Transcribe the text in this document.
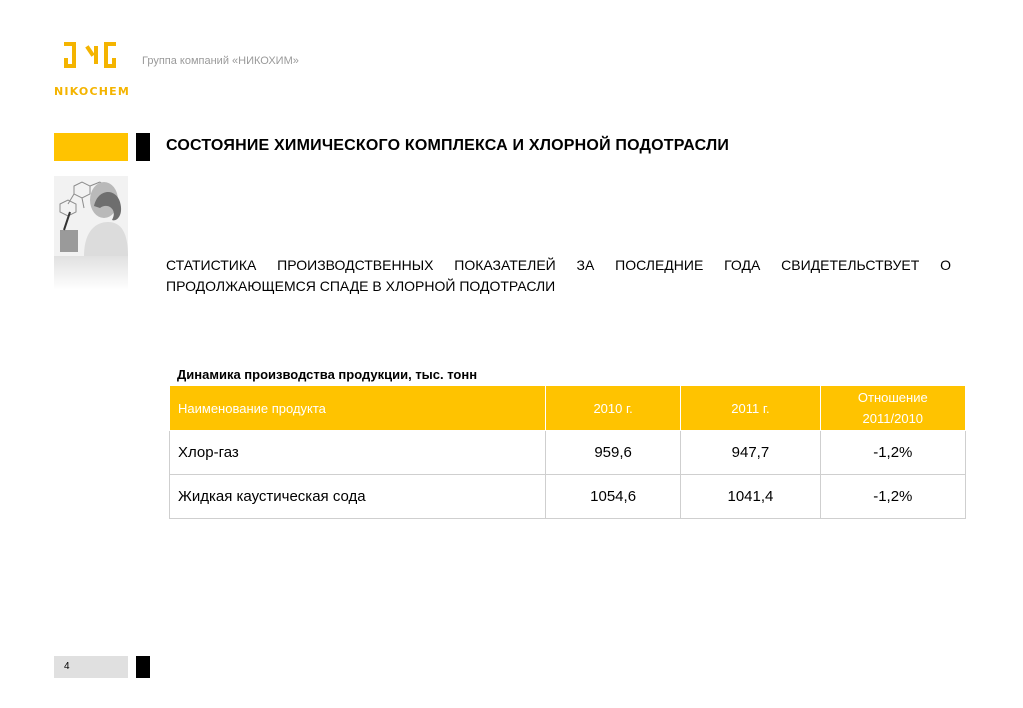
NIKOCHEM
Группа компаний «НИКОХИМ»
СОСТОЯНИЕ ХИМИЧЕСКОГО КОМПЛЕКСА И ХЛОРНОЙ ПОДОТРАСЛИ
СТАТИСТИКА ПРОИЗВОДСТВЕННЫХ ПОКАЗАТЕЛЕЙ ЗА ПОСЛЕДНИЕ ГОДА СВИДЕТЕЛЬСТВУЕТ О ПРОДОЛЖАЮЩЕМСЯ СПАДЕ В ХЛОРНОЙ ПОДОТРАСЛИ
Динамика производства продукции, тыс. тонн
Наименование продукта	2010 г.	2011 г.	Отношение
2011/2010

Хлор-газ	959,6	947,7	-1,2%
Жидкая каустическая сода	1054,6	1041,4	-1,2%
4
